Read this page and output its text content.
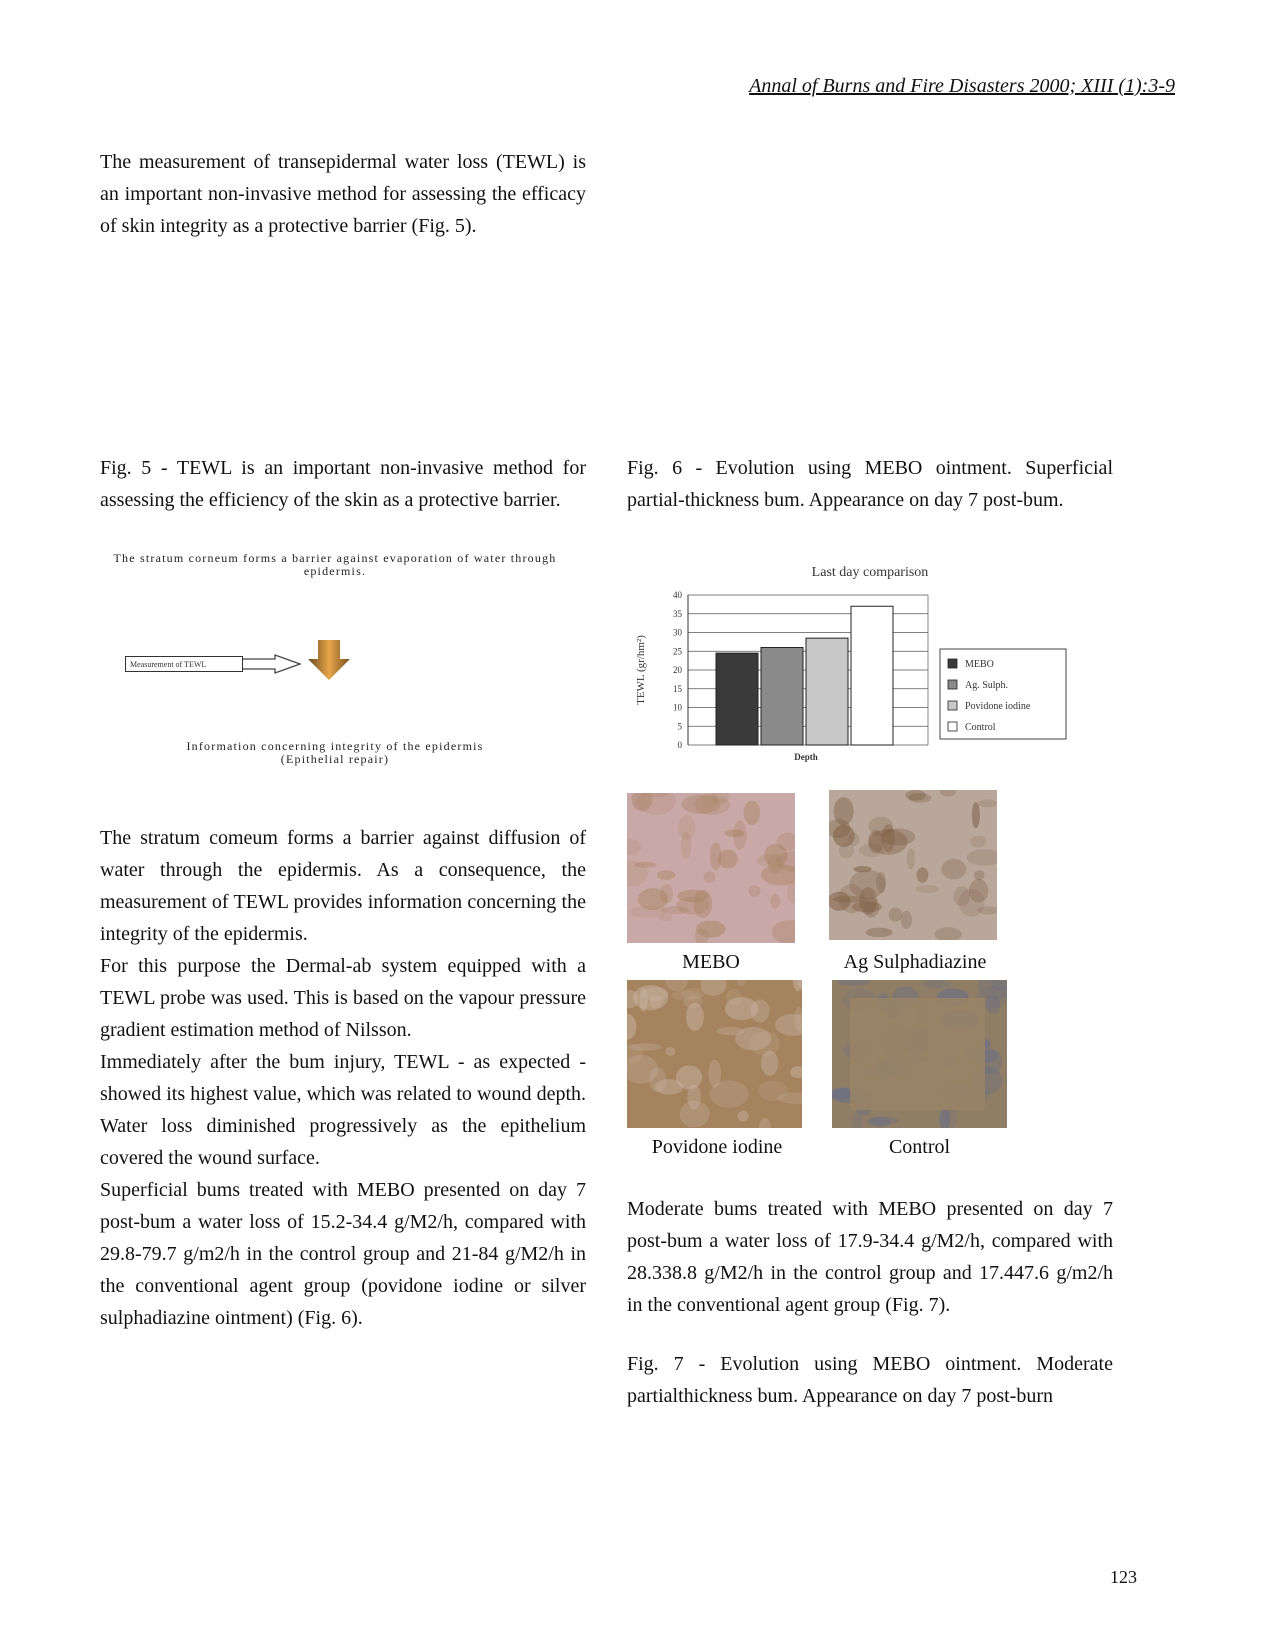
Annal of Burns and Fire Disasters 2000; XIII (1):3-9

The measurement of transepidermal water loss (TEWL) is an important non-invasive method for assessing the efficacy of skin integrity as a protective barrier (Fig. 5).

Fig. 5 - TEWL is an important non-invasive method for assessing the efficiency of the skin as a protective barrier.

The stratum corneum forms a barrier against evaporation of water through epidermis.
Measurement of TEWL
Information concerning integrity of the epidermis
(Epithelial repair)

The stratum comeum forms a barrier against diffusion of water through the epidermis. As a consequence, the measurement of TEWL provides information concerning the integrity of the epidermis.

For this purpose the Dermal-ab system equipped with a TEWL probe was used. This is based on the vapour pressure gradient estimation method of Nilsson.

Immediately after the bum injury, TEWL - as expected - showed its highest value, which was related to wound depth. Water loss diminished progressively as the epithelium covered the wound surface.

Superficial bums treated with MEBO presented on day 7 post-bum a water loss of 15.2-34.4 g/M2/h, compared with 29.8-79.7 g/m2/h in the control group and 21-84 g/M2/h in the conventional agent group (povidone iodine or silver sulphadiazine ointment) (Fig. 6).

Fig. 6 - Evolution using MEBO ointment. Superficial partial-thickness bum. Appearance on day 7 post-bum.

Last day comparison
0
5
10
15
20
25
30
35
40
TEWL (gr/hm²)
Depth
MEBO
Ag. Sulph.
Povidone iodine
Control
MEBO	Ag Sulphadiazine
Povidone iodine	Control

Moderate bums treated with MEBO presented on day 7 post-bum a water loss of 17.9-34.4 g/M2/h, compared with 28.338.8 g/M2/h in the control group and 17.447.6 g/m2/h in the conventional agent group (Fig. 7).

Fig. 7 - Evolution using MEBO ointment. Moderate partialthickness bum. Appearance on day 7 post-burn

123
